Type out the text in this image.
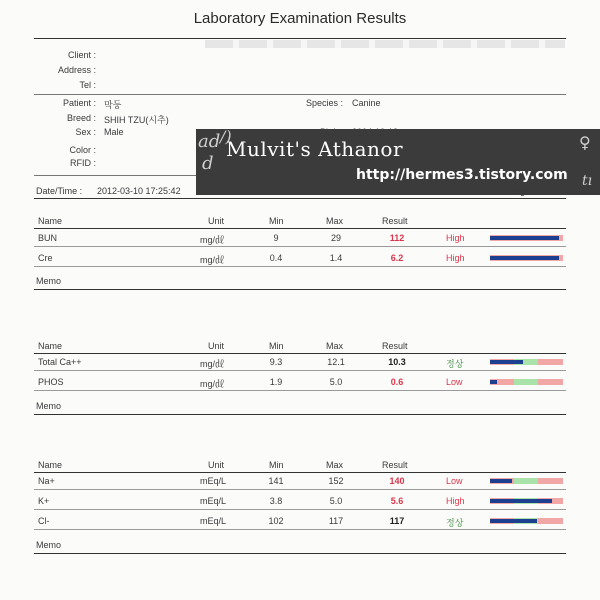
Laboratory Examination Results
Client :
Address :
Tel :
Patient : 막둥
Breed : SHIH TZU(시추)
Sex : Male
Color :
RFID :
Species : Canine
ad
d
/)
Mulvit's Athanor
http://hermes3.tistory.com
♀
tı
Date/Time : 2012-03-10 17:25:42	Sign
Name	Unit	Min	Max	Result
BUN	mg/㎗	9	29	112	High
Cre	mg/㎗	0.4	1.4	6.2	High
Memo
Name	Unit	Min	Max	Result
Total Ca++	mg/㎗	9.3	12.1	10.3	정상
PHOS	mg/㎗	1.9	5.0	0.6	Low
Memo
Name	Unit	Min	Max	Result
Na+	mEq/L	141	152	140	Low
K+	mEq/L	3.8	5.0	5.6	High
Cl-	mEq/L	102	117	117	정상
Memo
